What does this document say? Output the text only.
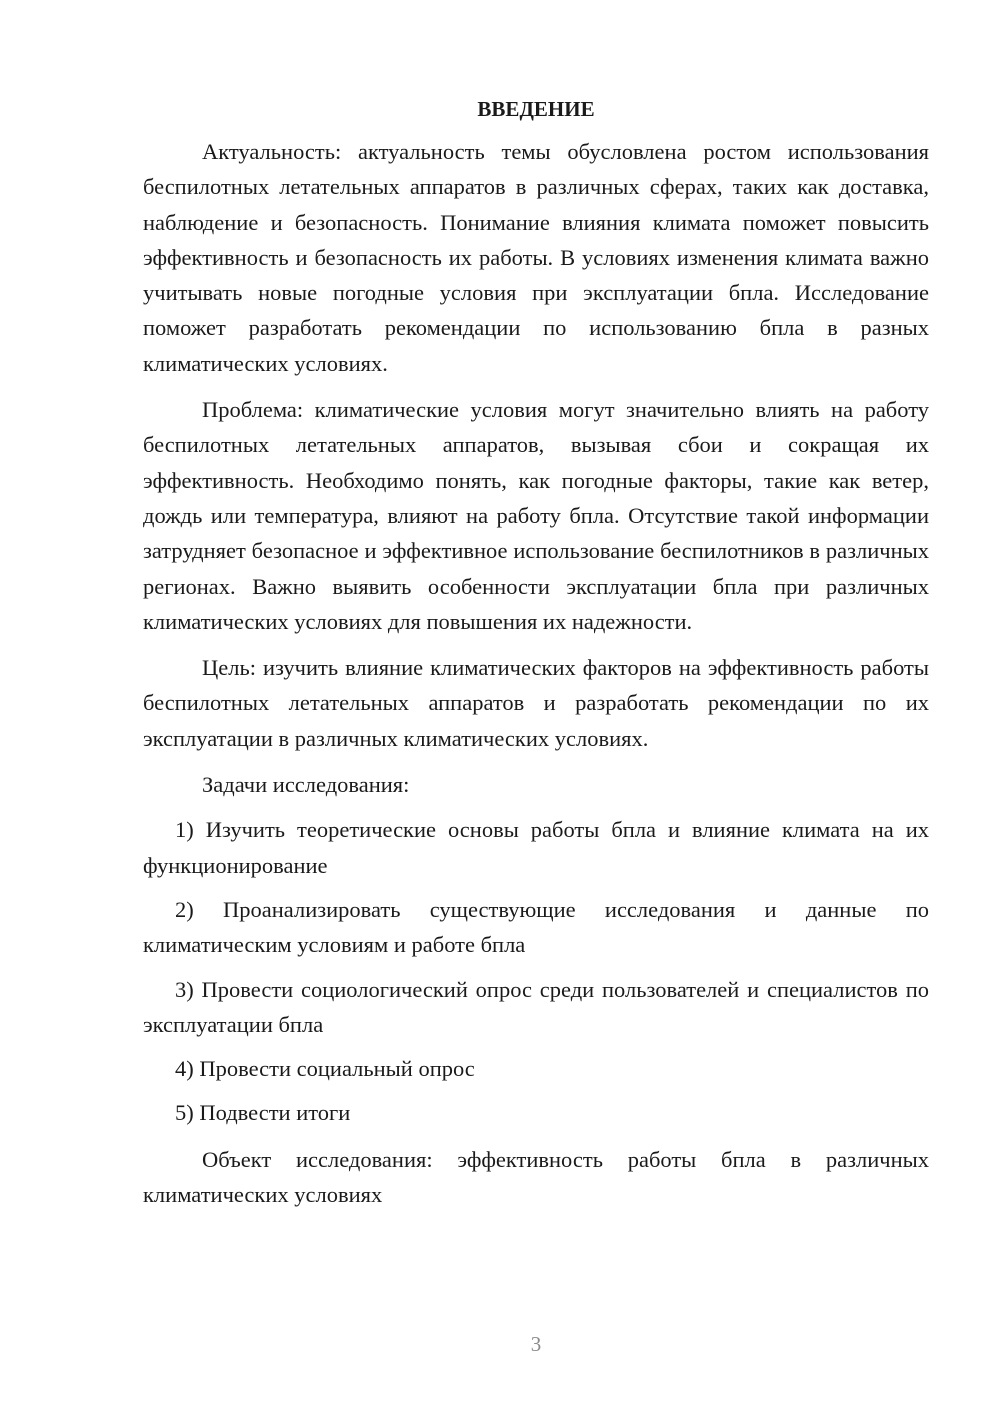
ВВЕДЕНИЕ

Актуальность: актуальность темы обусловлена ростом использования беспилотных летательных аппаратов в различных сферах, таких как доставка, наблюдение и безопасность. Понимание влияния климата поможет повысить эффективность и безопасность их работы. В условиях изменения климата важно учитывать новые погодные условия при эксплуатации бпла. Исследование поможет разработать рекомендации по использованию бпла в разных климатических условиях.

Проблема: климатические условия могут значительно влиять на работу беспилотных летательных аппаратов, вызывая сбои и сокращая их эффективность. Необходимо понять, как погодные факторы, такие как ветер, дождь или температура, влияют на работу бпла. Отсутствие такой информации затрудняет безопасное и эффективное использование беспилотников в различных регионах. Важно выявить особенности эксплуатации бпла при различных климатических условиях для повышения их надежности.

Цель: изучить влияние климатических факторов на эффективность работы беспилотных летательных аппаратов и разработать рекомендации по их эксплуатации в различных климатических условиях.

Задачи исследования:

1) Изучить теоретические основы работы бпла и влияние климата на их функционирование

2) Проанализировать существующие исследования и данные по климатическим условиям и работе бпла

3) Провести социологический опрос среди пользователей и специалистов по эксплуатации бпла

4) Провести социальный опрос

5) Подвести итоги

Объект исследования: эффективность работы бпла в различных климатических условиях

3
